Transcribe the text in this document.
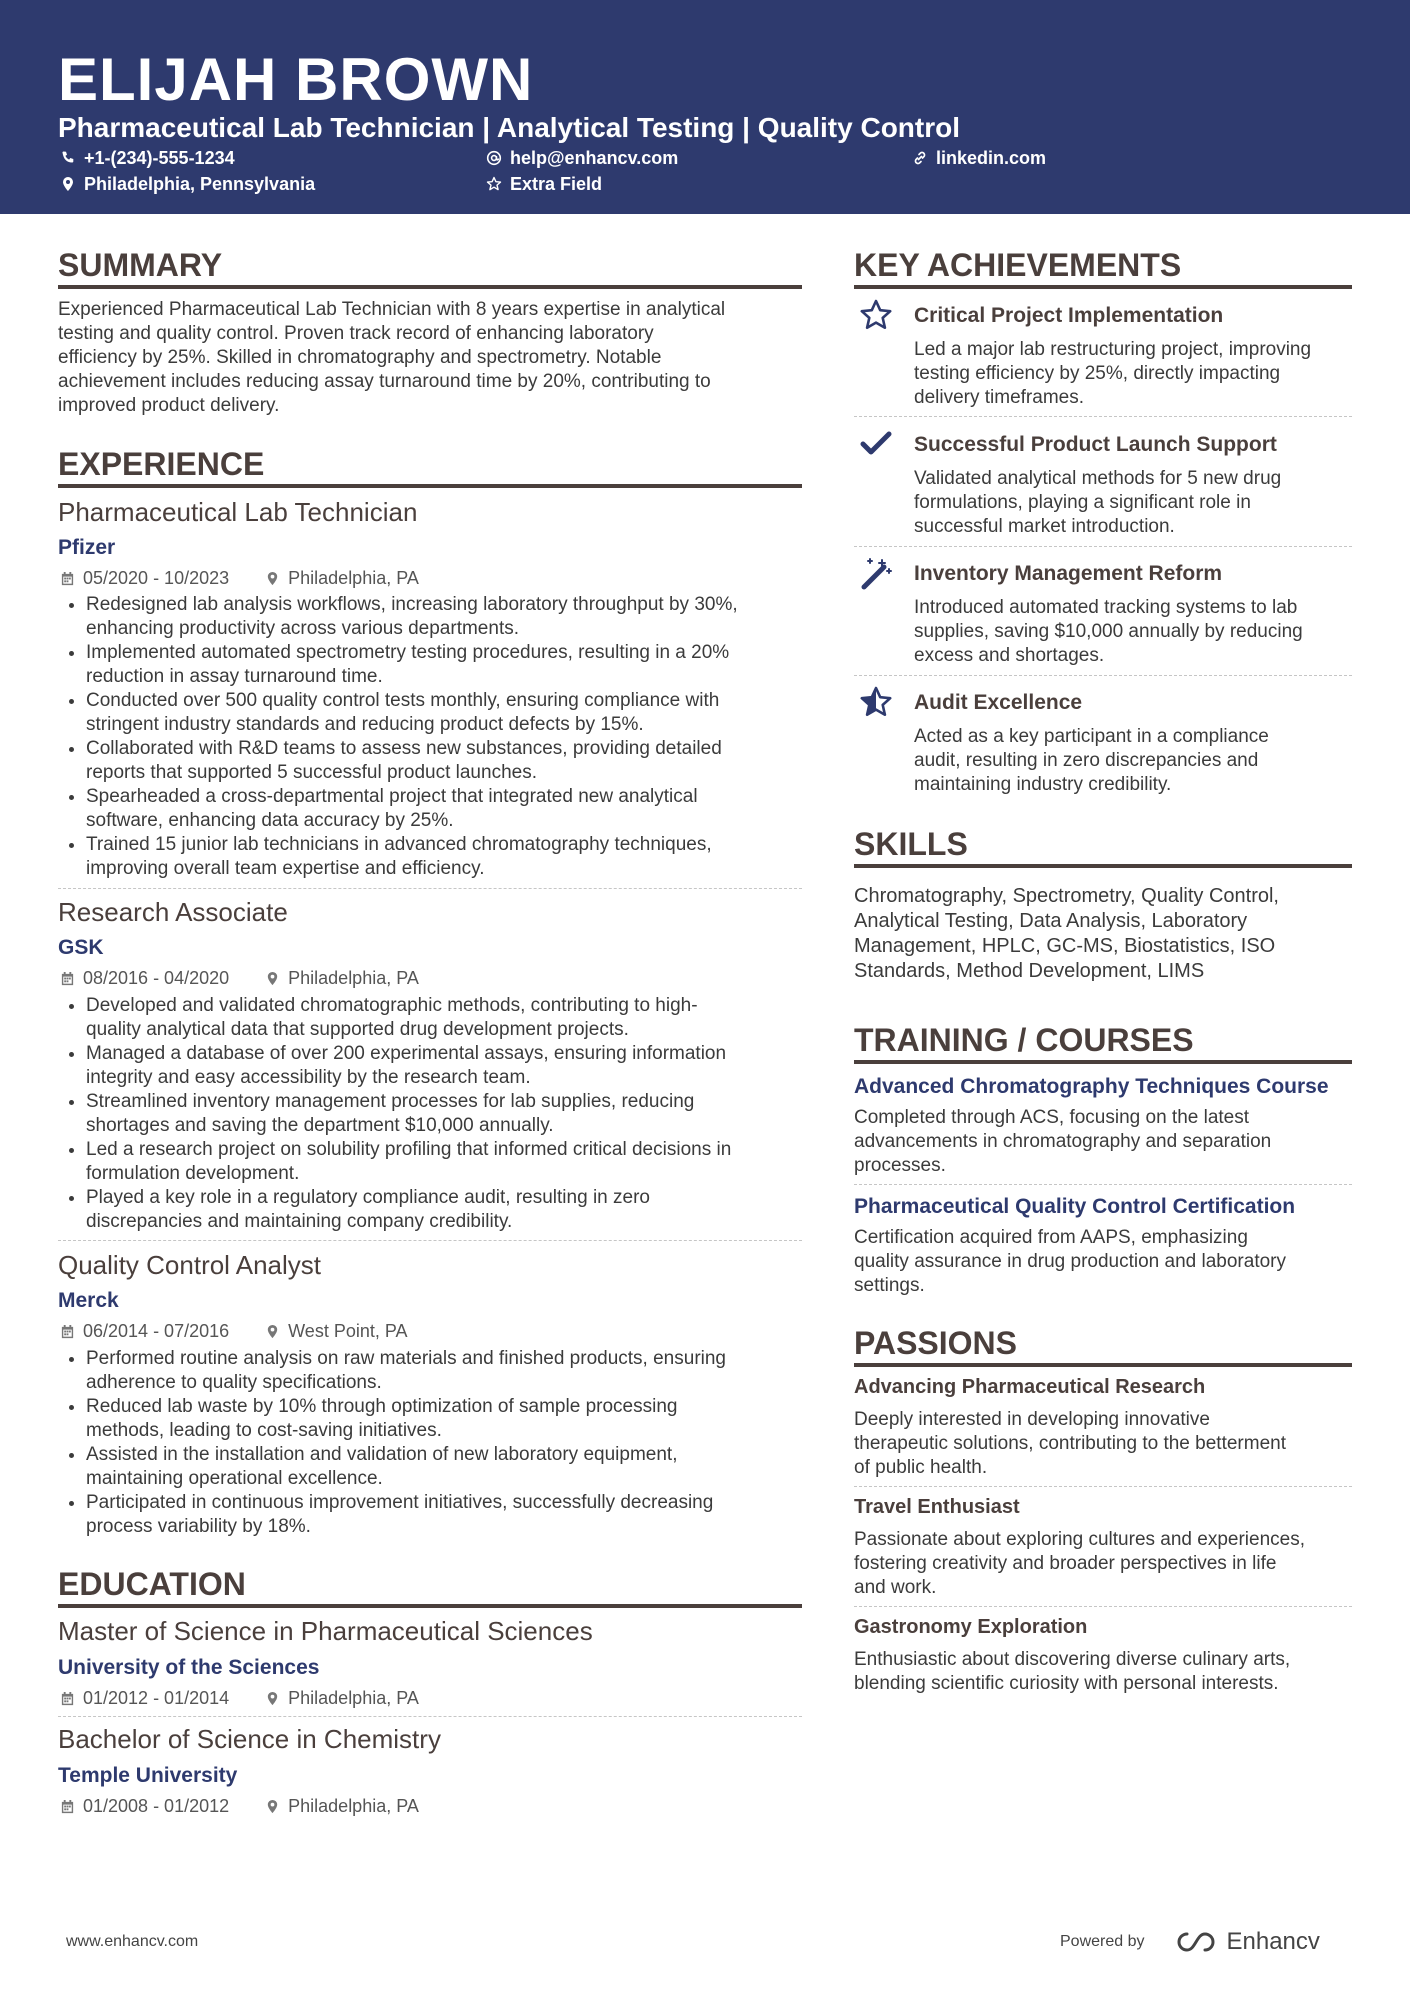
ELIJAH BROWN
Pharmaceutical Lab Technician | Analytical Testing | Quality Control
+1-(234)-555-1234	help@enhancv.com	linkedin.com
Philadelphia, Pennsylvania	Extra Field
SUMMARY
Experienced Pharmaceutical Lab Technician with 8 years expertise in analytical
testing and quality control. Proven track record of enhancing laboratory
efficiency by 25%. Skilled in chromatography and spectrometry. Notable
achievement includes reducing assay turnaround time by 20%, contributing to
improved product delivery.
EXPERIENCE
Pharmaceutical Lab Technician
Pfizer
05/2020 - 10/2023	Philadelphia, PA
• Redesigned lab analysis workflows, increasing laboratory throughput by 30%,
enhancing productivity across various departments.
• Implemented automated spectrometry testing procedures, resulting in a 20%
reduction in assay turnaround time.
• Conducted over 500 quality control tests monthly, ensuring compliance with
stringent industry standards and reducing product defects by 15%.
• Collaborated with R&D teams to assess new substances, providing detailed
reports that supported 5 successful product launches.
• Spearheaded a cross-departmental project that integrated new analytical
software, enhancing data accuracy by 25%.
• Trained 15 junior lab technicians in advanced chromatography techniques,
improving overall team expertise and efficiency.
Research Associate
GSK
08/2016 - 04/2020	Philadelphia, PA
• Developed and validated chromatographic methods, contributing to high-
quality analytical data that supported drug development projects.
• Managed a database of over 200 experimental assays, ensuring information
integrity and easy accessibility by the research team.
• Streamlined inventory management processes for lab supplies, reducing
shortages and saving the department $10,000 annually.
• Led a research project on solubility profiling that informed critical decisions in
formulation development.
• Played a key role in a regulatory compliance audit, resulting in zero
discrepancies and maintaining company credibility.
Quality Control Analyst
Merck
06/2014 - 07/2016	West Point, PA
• Performed routine analysis on raw materials and finished products, ensuring
adherence to quality specifications.
• Reduced lab waste by 10% through optimization of sample processing
methods, leading to cost-saving initiatives.
• Assisted in the installation and validation of new laboratory equipment,
maintaining operational excellence.
• Participated in continuous improvement initiatives, successfully decreasing
process variability by 18%.
EDUCATION
Master of Science in Pharmaceutical Sciences
University of the Sciences
01/2012 - 01/2014	Philadelphia, PA
Bachelor of Science in Chemistry
Temple University
01/2008 - 01/2012	Philadelphia, PA
KEY ACHIEVEMENTS
Critical Project Implementation
Led a major lab restructuring project, improving
testing efficiency by 25%, directly impacting
delivery timeframes.
Successful Product Launch Support
Validated analytical methods for 5 new drug
formulations, playing a significant role in
successful market introduction.
Inventory Management Reform
Introduced automated tracking systems to lab
supplies, saving $10,000 annually by reducing
excess and shortages.
Audit Excellence
Acted as a key participant in a compliance
audit, resulting in zero discrepancies and
maintaining industry credibility.
SKILLS
Chromatography, Spectrometry, Quality Control,
Analytical Testing, Data Analysis, Laboratory
Management, HPLC, GC-MS, Biostatistics, ISO
Standards, Method Development, LIMS
TRAINING / COURSES
Advanced Chromatography Techniques Course
Completed through ACS, focusing on the latest
advancements in chromatography and separation
processes.
Pharmaceutical Quality Control Certification
Certification acquired from AAPS, emphasizing
quality assurance in drug production and laboratory
settings.
PASSIONS
Advancing Pharmaceutical Research
Deeply interested in developing innovative
therapeutic solutions, contributing to the betterment
of public health.
Travel Enthusiast
Passionate about exploring cultures and experiences,
fostering creativity and broader perspectives in life
and work.
Gastronomy Exploration
Enthusiastic about discovering diverse culinary arts,
blending scientific curiosity with personal interests.
www.enhancv.com	Powered by	Enhancv
